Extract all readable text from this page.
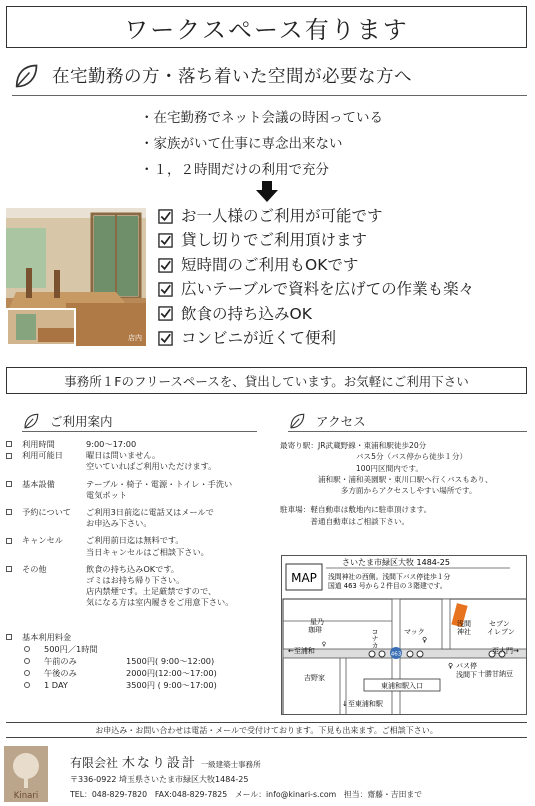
ワークスペース有ります
在宅勤務の方・落ち着いた空間が必要な方へ
・在宅勤務でネット会議の時困っている
・家族がいて仕事に専念出来ない
・１，２時間だけの利用で充分
店内
お一人様のご利用が可能です
貸し切りでご利用頂けます
短時間のご利用もOKです
広いテーブルで資料を広げての作業も楽々
飲食の持ち込みOK
コンビニが近くて便利
事務所１Fのフリースペースを、貸出しています。お気軽にご利用下さい
ご利用案内	アクセス
利用時間	9:00～17:00
利用可能日	曜日は問いません。
空いていればご利用いただけます。
基本設備	テーブル・椅子・電源・トイレ・手洗い
電気ポット
予約について	ご利用3日前迄に電話又はメールで
お申込み下さい。
キャンセル	ご利用前日迄は無料です。
当日キャンセルはご相談下さい。
その他	飲食の持ち込みOKです。
ゴミはお持ち帰り下さい。
店内禁煙です。土足厳禁ですので、
気になる方は室内履きをご用意下さい。
基本利用料金
500円／1時間
午前のみ	1500円( 9:00～12:00)
午後のみ	2000円(12:00～17:00)
1 DAY	3500円 ( 9:00～17:00)
最寄り駅：JR武蔵野線・東浦和駅徒歩20分
　　　　　　　　　　バス5分（バス停から徒歩１分）
　　　　　　　　　　100円区間内です。
　　　　　浦和駅・浦和美園駅・東川口駅へ行くバスもあり、
　　　　　　　　多方面からアクセスしやすい場所です。
駐車場：軽自動車は敷地内に駐車頂けます。
　　　　普通自動車はご相談下さい。
MAP
さいたま市緑区大牧 1484-25
浅間神社の西側。浅間下バス停徒歩１分
国道 463 号から２件目の３階建です。
463
星乃
珈琲
♀	コナカ	マック
♀
浅間
神社
セブン
イレブン
←至浦和	至大門→
吉野家
♀ バス停
浅間下
東浦和駅入口
十勝甘納豆
↓至東浦和駅
お申込み・お問い合わせは電話・メールで受付けております。下見も出来ます。ご相談下さい。
Kinari
有限会社 木なり設計 一級建築士事務所
〒336-0922 埼玉県さいたま市緑区大牧1484-25
TEL：048-829-7820　FAX:048-829-7825　メール：info@kinari-s.com　担当：齋藤・吉田まで
